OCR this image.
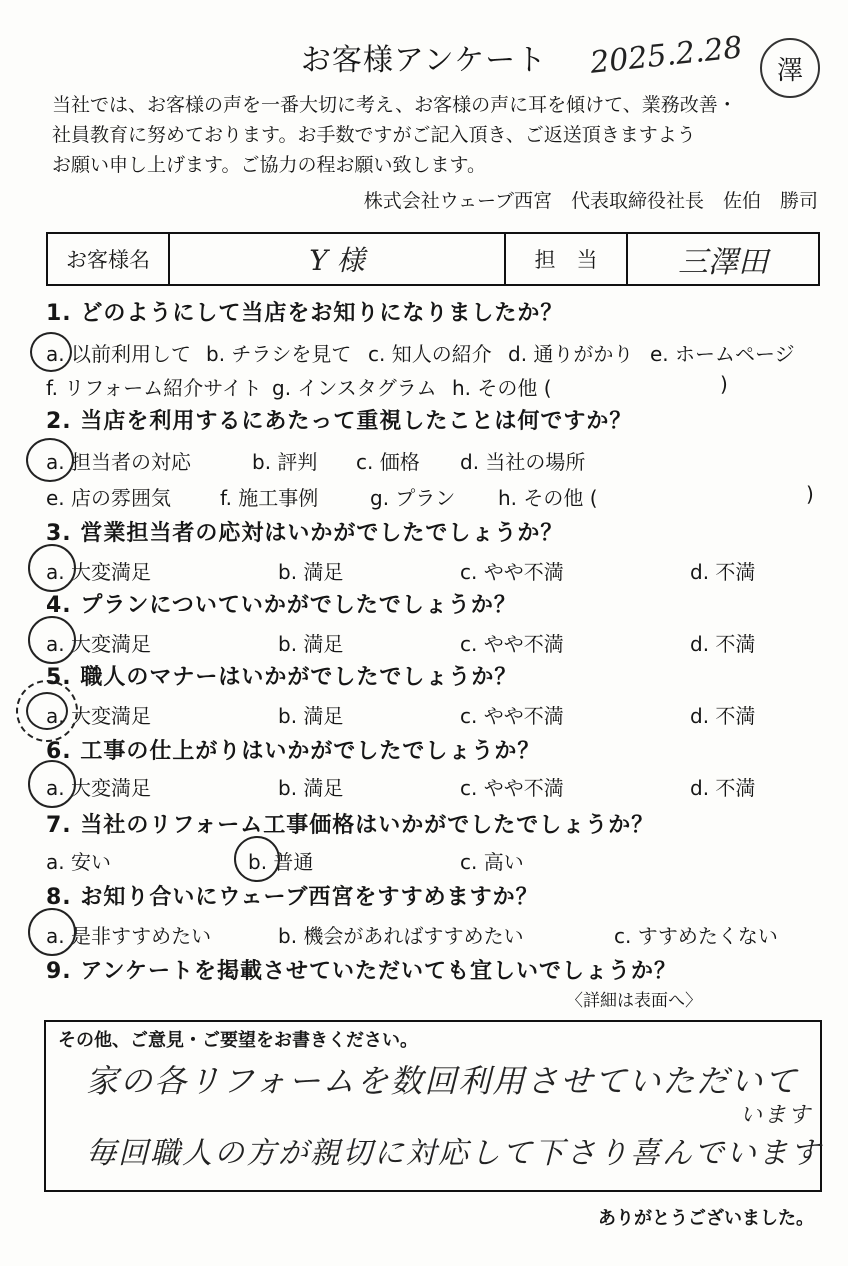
お客様アンケート	2025.2.28	澤
当社では、お客様の声を一番大切に考え、お客様の声に耳を傾けて、業務改善・
社員教育に努めております。お手数ですがご記入頂き、ご返送頂きますよう
お願い申し上げます。ご協力の程お願い致します。
株式会社ウェーブ西宮　代表取締役社長　佐伯　勝司
お客様名	Y 様	担　当	三澤田
1. どのようにして当店をお知りになりましたか？
a. 以前利用して b. チラシを見て c. 知人の紹介 d. 通りがかり e. ホームページ
f. リフォーム紹介サイト g. インスタグラム h. その他 (	)
2. 当店を利用するにあたって重視したことは何ですか？
a. 担当者の対応	b. 評判 c. 価格 d. 当社の場所
e. 店の雰囲気 f. 施工事例	g. プラン h. その他 (	)
3. 営業担当者の応対はいかがでしたでしょうか？
a. 大変満足	b. 満足	c. やや不満	d. 不満
4. プランについていかがでしたでしょうか？
a. 大変満足	b. 満足	c. やや不満	d. 不満
5. 職人のマナーはいかがでしたでしょうか？
a. 大変満足	b. 満足	c. やや不満	d. 不満
6. 工事の仕上がりはいかがでしたでしょうか？
a. 大変満足	b. 満足	c. やや不満	d. 不満
7. 当社のリフォーム工事価格はいかがでしたでしょうか？
a. 安い	b. 普通	c. 高い
8. お知り合いにウェーブ西宮をすすめますか？
a. 是非すすめたい	b. 機会があればすすめたい	c. すすめたくない
9. アンケートを掲載させていただいても宜しいでしょうか？
〈詳細は表面へ〉
その他、ご意見・ご要望をお書きください。
家の各リフォームを数回利用させていただいて
います
毎回職人の方が親切に対応して下さり喜んでいます
ありがとうございました。
